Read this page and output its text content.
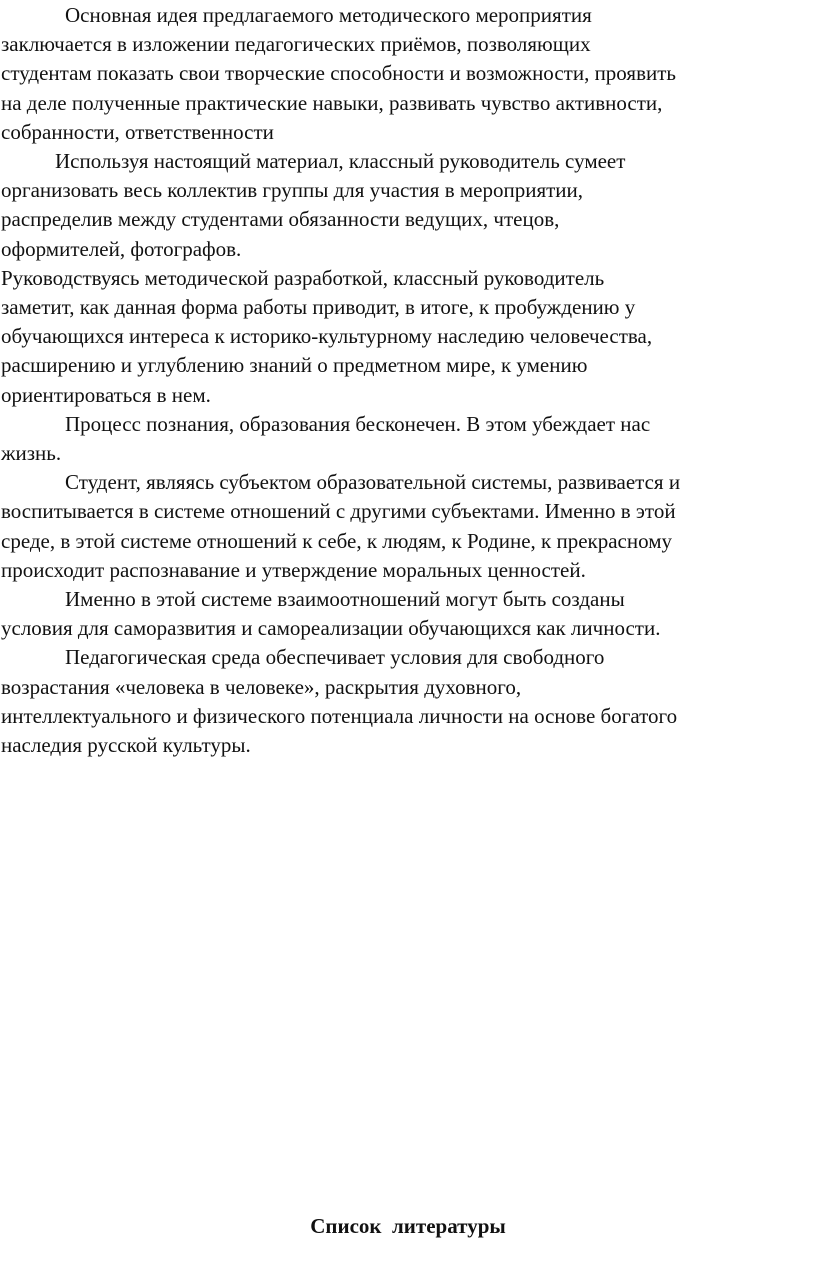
Основная идея предлагаемого методического мероприятия
заключается в изложении педагогических приёмов, позволяющих
студентам показать свои творческие способности и возможности, проявить
на деле полученные практические навыки, развивать чувство активности,
собранности, ответственности

Используя настоящий материал, классный руководитель сумеет
организовать весь коллектив группы для участия в мероприятии,
распределив между студентами обязанности ведущих, чтецов,
оформителей, фотографов.

Руководствуясь методической разработкой, классный руководитель
заметит, как данная форма работы приводит, в итоге, к пробуждению у
обучающихся интереса к историко-культурному наследию человечества,
расширению и углублению знаний о предметном мире, к умению
ориентироваться в нем.

Процесс познания, образования бесконечен. В этом убеждает нас
жизнь.

Студент, являясь субъектом образовательной системы, развивается и
воспитывается в системе отношений с другими субъектами. Именно в этой
среде, в этой системе отношений к себе, к людям, к Родине, к прекрасному
происходит распознавание и утверждение моральных ценностей.

Именно в этой системе взаимоотношений могут быть созданы
условия для саморазвития и самореализации обучающихся как личности.

Педагогическая среда обеспечивает условия для свободного
возрастания «человека в человеке», раскрытия духовного,
интеллектуального и физического потенциала личности на основе богатого
наследия русской культуры.

Список  литературы
